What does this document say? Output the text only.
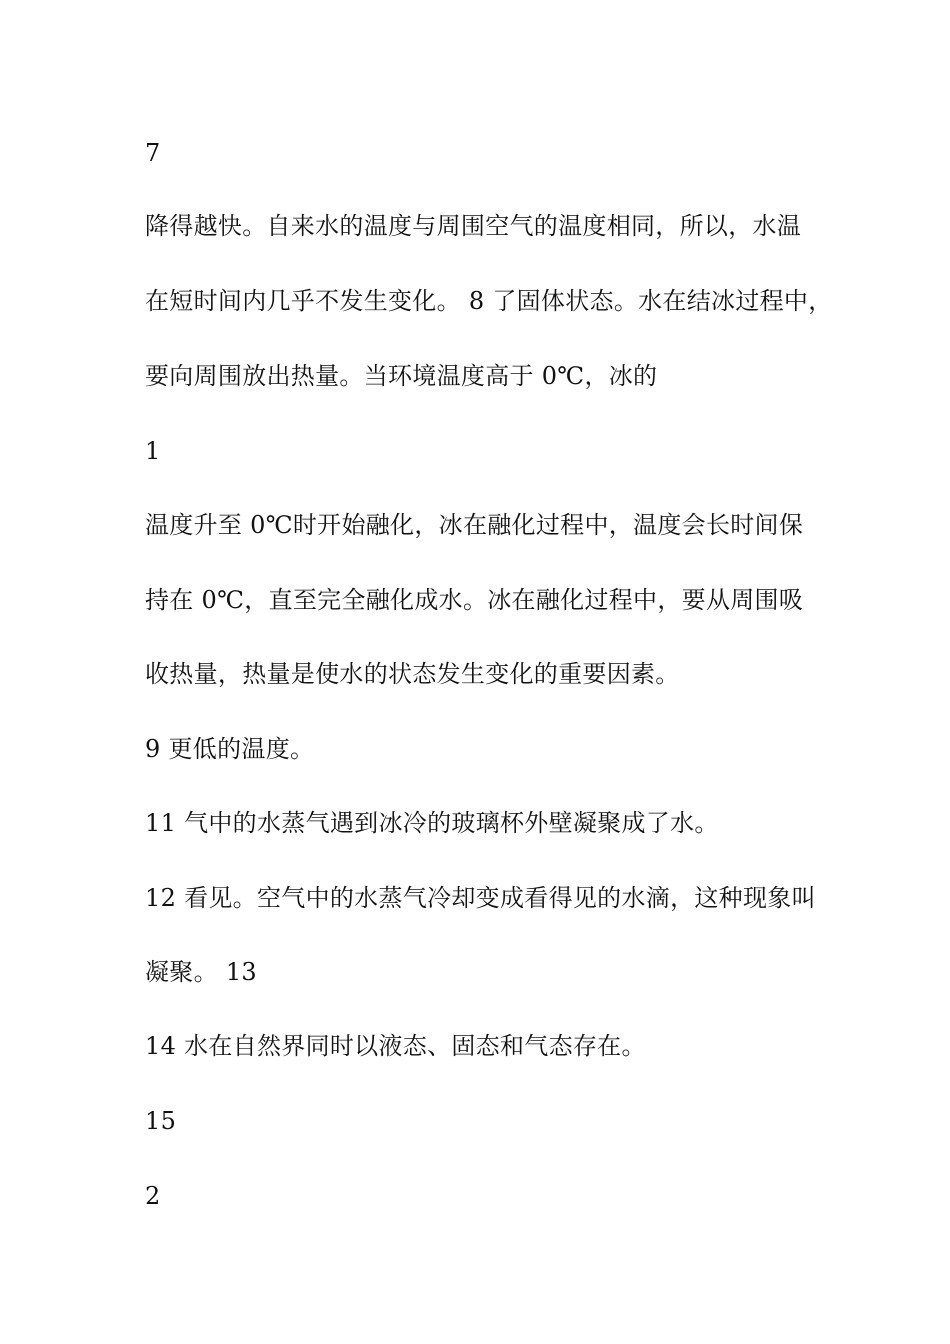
7
降得越快。自来水的温度与周围空气的温度相同，所以，水温
在短时间内几乎不发生变化。 8 了固体状态。水在结冰过程中，
要向周围放出热量。当环境温度高于 0℃，冰的
1
温度升至 0℃时开始融化，冰在融化过程中，温度会长时间保
持在 0℃，直至完全融化成水。冰在融化过程中，要从周围吸
收热量，热量是使水的状态发生变化的重要因素。
9 更低的温度。
11 气中的水蒸气遇到冰冷的玻璃杯外壁凝聚成了水。
12 看见。空气中的水蒸气冷却变成看得见的水滴，这种现象叫
凝聚。 13
14 水在自然界同时以液态、固态和气态存在。
15
2
